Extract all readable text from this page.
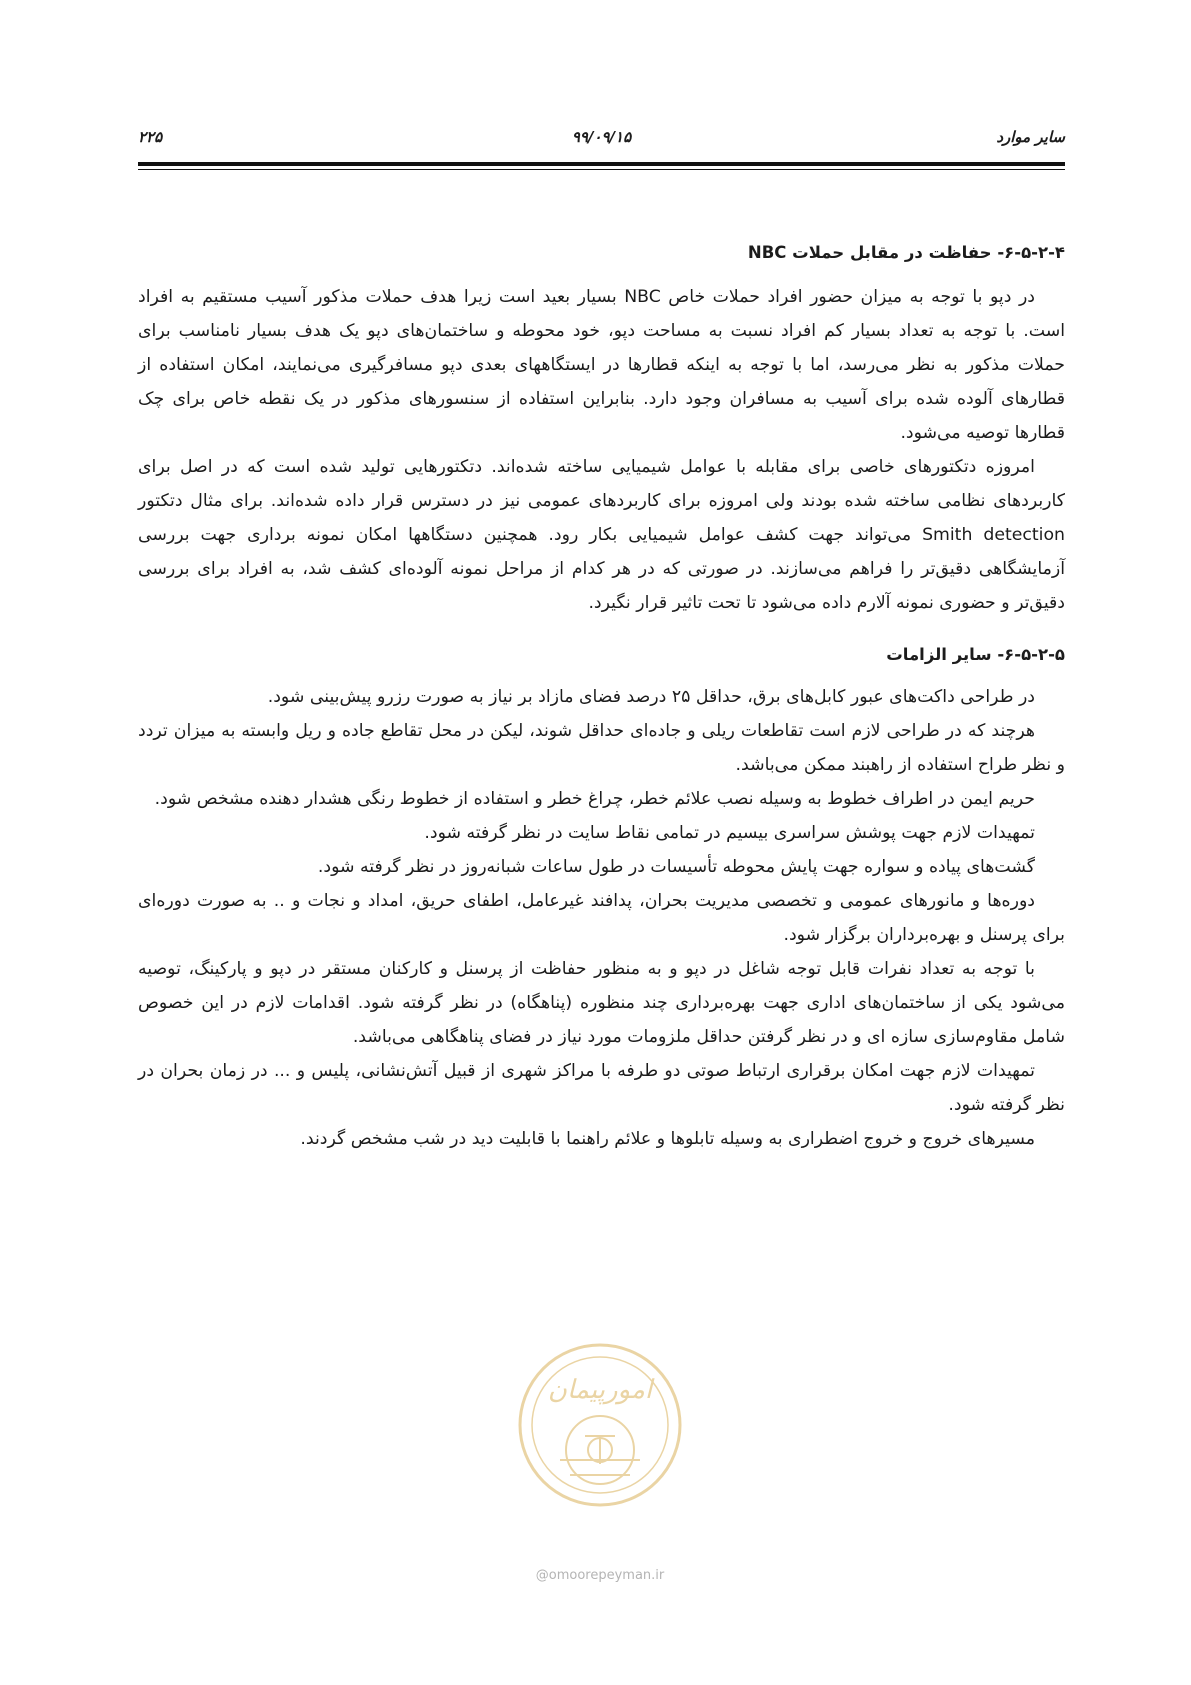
سایر موارد
۹۹/۰۹/۱۵
۲۲۵
۶-۵-۲-۴- حفاظت در مقابل حملات NBC

در دپو با توجه به میزان حضور افراد حملات خاص NBC بسیار بعید است زیرا هدف حملات مذکور آسیب مستقیم به افراد است. با توجه به تعداد بسیار کم افراد نسبت به مساحت دپو، خود محوطه و ساختمان‌های دپو یک هدف بسیار نامناسب برای حملات مذکور به نظر می‌رسد، اما با توجه به اینکه قطارها در ایستگاههای بعدی دپو مسافرگیری می‌نمایند، امکان استفاده از قطارهای آلوده شده برای آسیب به مسافران وجود دارد. بنابراین استفاده از سنسورهای مذکور در یک نقطه خاص برای چک قطارها توصیه می‌شود.

امروزه دتکتورهای خاصی برای مقابله با عوامل شیمیایی ساخته شده‌اند. دتکتورهایی تولید شده است که در اصل برای کاربردهای نظامی ساخته شده بودند ولی امروزه برای کاربردهای عمومی نیز در دسترس قرار داده شده‌اند. برای مثال دتکتور Smith detection می‌تواند جهت کشف عوامل شیمیایی بکار رود. همچنین دستگاهها امکان نمونه برداری جهت بررسی آزمایشگاهی دقیق‌تر را فراهم می‌سازند. در صورتی که در هر کدام از مراحل نمونه آلوده‌ای کشف شد، به افراد برای بررسی دقیق‌تر و حضوری نمونه آلارم داده می‌شود تا تحت تاثیر قرار نگیرد.

۶-۵-۲-۵- سایر الزامات

در طراحی داکت‌های عبور کابل‌های برق، حداقل ۲۵ درصد فضای مازاد بر نیاز به صورت رزرو پیش‌بینی شود.

هرچند که در طراحی لازم است تقاطعات ریلی و جاده‌ای حداقل شوند، لیکن در محل تقاطع جاده و ریل وابسته به میزان تردد و نظر طراح استفاده از راهبند ممکن می‌باشد.

حریم ایمن در اطراف خطوط به وسیله نصب علائم خطر، چراغ خطر و استفاده از خطوط رنگی هشدار دهنده مشخص شود.

تمهیدات لازم جهت پوشش سراسری بیسیم در تمامی نقاط سایت در نظر گرفته شود.

گشت‌های پیاده و سواره جهت پایش محوطه تأسیسات در طول ساعات شبانه‌روز در نظر گرفته شود.

دوره‌ها و مانورهای عمومی و تخصصی مدیریت بحران، پدافند غیرعامل، اطفای حریق، امداد و نجات و .. به صورت دوره‌ای برای پرسنل و بهره‌برداران برگزار شود.

با توجه به تعداد نفرات قابل توجه شاغل در دپو و به منظور حفاظت از پرسنل و کارکنان مستقر در دپو و پارکینگ، توصیه می‌شود یکی از ساختمان‌های اداری جهت بهره‌برداری چند منظوره (پناهگاه) در نظر گرفته شود. اقدامات لازم در این خصوص شامل مقاوم‌سازی سازه ای و در نظر گرفتن حداقل ملزومات مورد نیاز در فضای پناهگاهی می‌باشد.

تمهیدات لازم جهت امکان برقراری ارتباط صوتی دو طرفه با مراکز شهری از قبیل آتش‌نشانی، پلیس و ... در زمان بحران در نظر گرفته شود.

مسیرهای خروج و خروج اضطراری به وسیله تابلوها و علائم راهنما با قابلیت دید در شب مشخص گردند.

امورپیمان
@omoorepeyman.ir
